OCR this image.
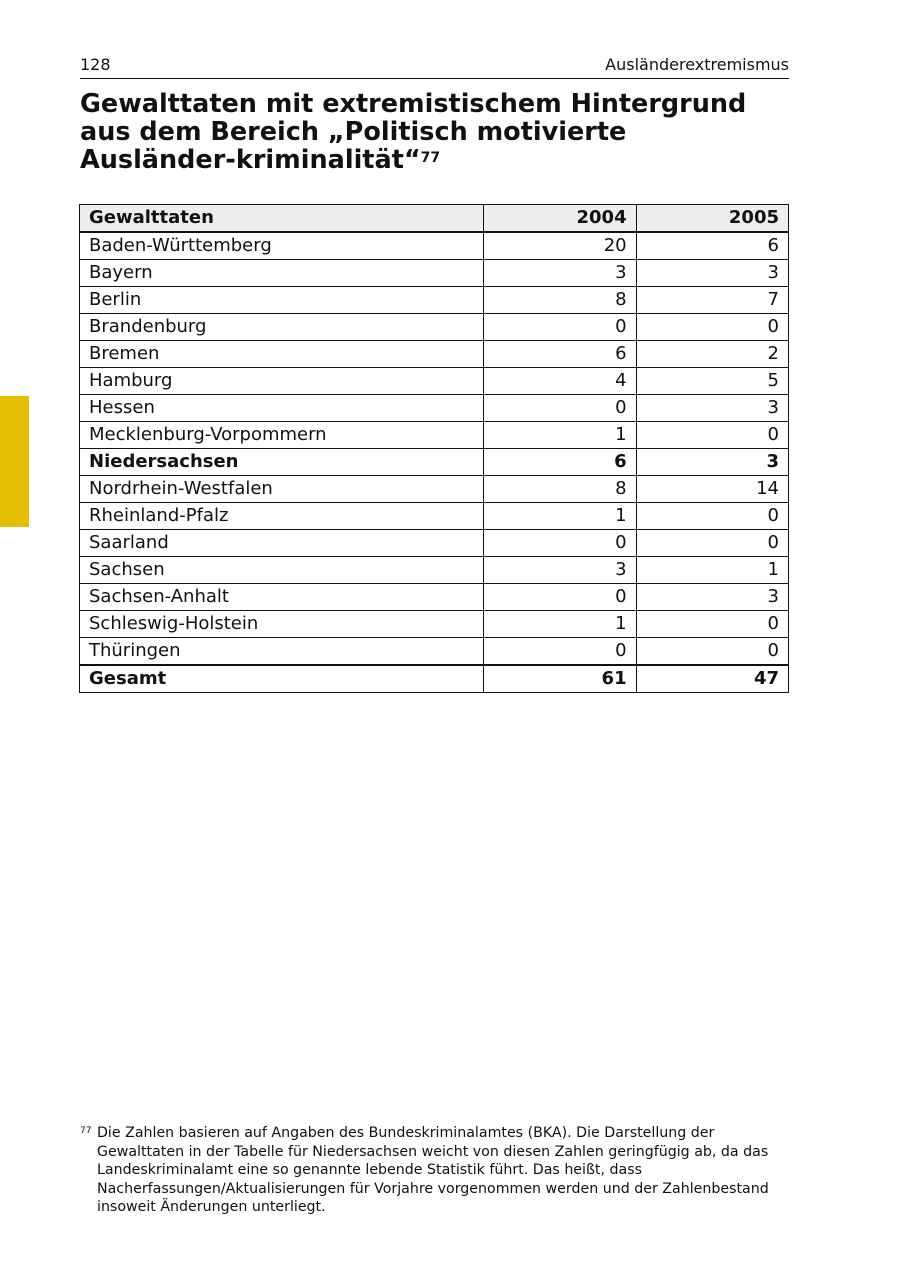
128	Ausländerextremismus
Gewalttaten mit extremistischem Hintergrund aus dem Bereich „Politisch motivierte Ausländer-kriminalität“$^{77}$
Gewalttaten	2004	2005
Baden-Württemberg	20	6
Bayern	3	3
Berlin	8	7
Brandenburg	0	0
Bremen	6	2
Hamburg	4	5
Hessen	0	3
Mecklenburg-Vorpommern	1	0
Niedersachsen	6	3
Nordrhein-Westfalen	8	14
Rheinland-Pfalz	1	0
Saarland	0	0
Sachsen	3	1
Sachsen-Anhalt	0	3
Schleswig-Holstein	1	0
Thüringen	0	0
Gesamt	61	47
77 Die Zahlen basieren auf Angaben des Bundeskriminalamtes (BKA). Die Darstellung der Gewalttaten in der Tabelle für Niedersachsen weicht von diesen Zahlen geringfügig ab, da das Landeskriminalamt eine so genannte lebende Statistik führt. Das heißt, dass Nacherfassungen/Aktualisierungen für Vorjahre vorgenommen werden und der Zahlenbestand insoweit Änderungen unterliegt.
